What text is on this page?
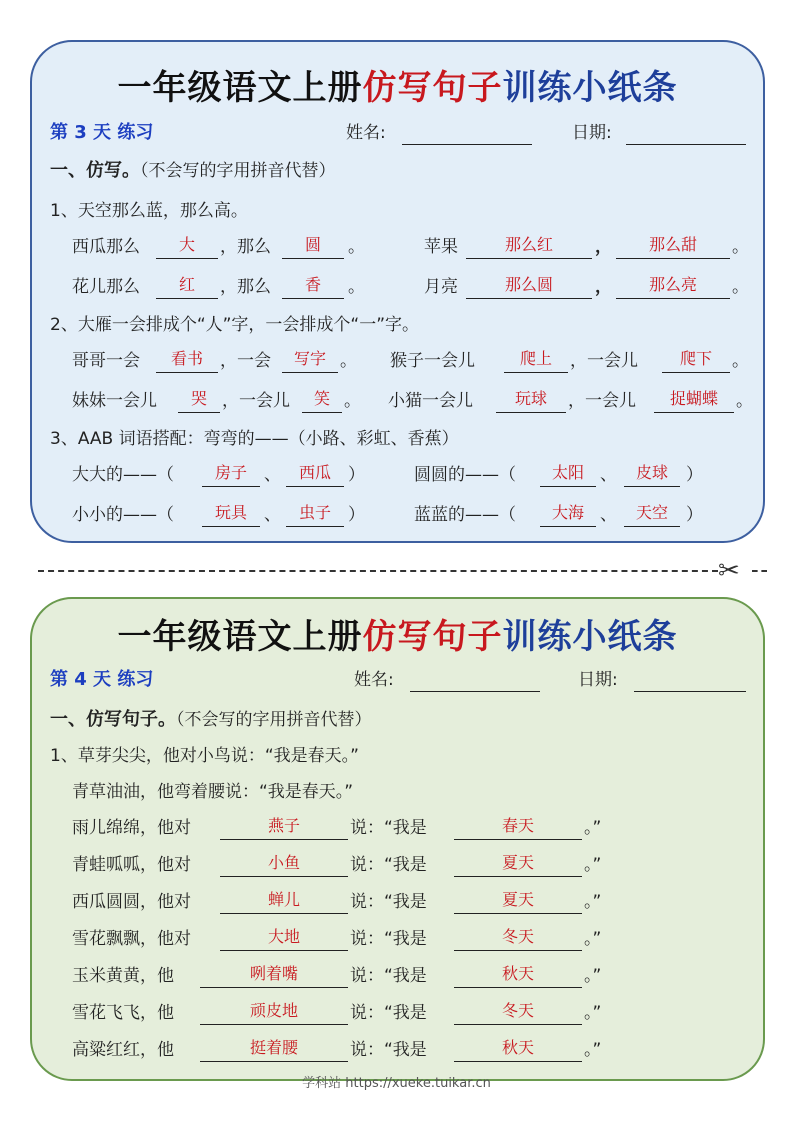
一年级语文上册仿写句子训练小纸条
第 3 天 练习	姓名:	日期:
一、仿写。（不会写的字用拼音代替）
1、天空那么蓝，那么高。
西瓜那么	大	，那么	圆	。	苹果	那么红	，	那么甜	。
花儿那么	红	，那么	香	。	月亮	那么圆	，	那么亮	。
2、大雁一会排成个“人”字，一会排成个“一”字。
哥哥一会	看书	，一会	写字 。 猴子一会儿	爬上	，一会儿	爬下	。
妹妹一会儿	哭 ，一会儿	笑 。 小猫一会儿	玩球	，一会儿	捉蝴蝶	。
3、AAB 词语搭配：弯弯的——（小路、彩虹、香蕉）
大大的——（	房子	、	西瓜	）	圆圆的——（	太阳 、	皮球	）
小小的——（	玩具	、	虫子	）	蓝蓝的——（	大海 、	天空	）
✂
一年级语文上册仿写句子训练小纸条
第 4 天 练习	姓名:	日期:
一、仿写句子。（不会写的字用拼音代替）
1、草芽尖尖，他对小鸟说：“我是春天。”
青草油油，他弯着腰说：“我是春天。”
雨儿绵绵，他对	燕子	说：“我是	春天	。”
青蛙呱呱，他对	小鱼	说：“我是	夏天	。”
西瓜圆圆，他对	蝉儿	说：“我是	夏天	。”
雪花飘飘，他对	大地	说：“我是	冬天	。”
玉米黄黄，他	咧着嘴	说：“我是	秋天	。”
雪花飞飞，他	顽皮地	说：“我是	冬天	。”
高粱红红，他	挺着腰	说：“我是	秋天	。”
学科站 https://xueke.tuikar.cn
